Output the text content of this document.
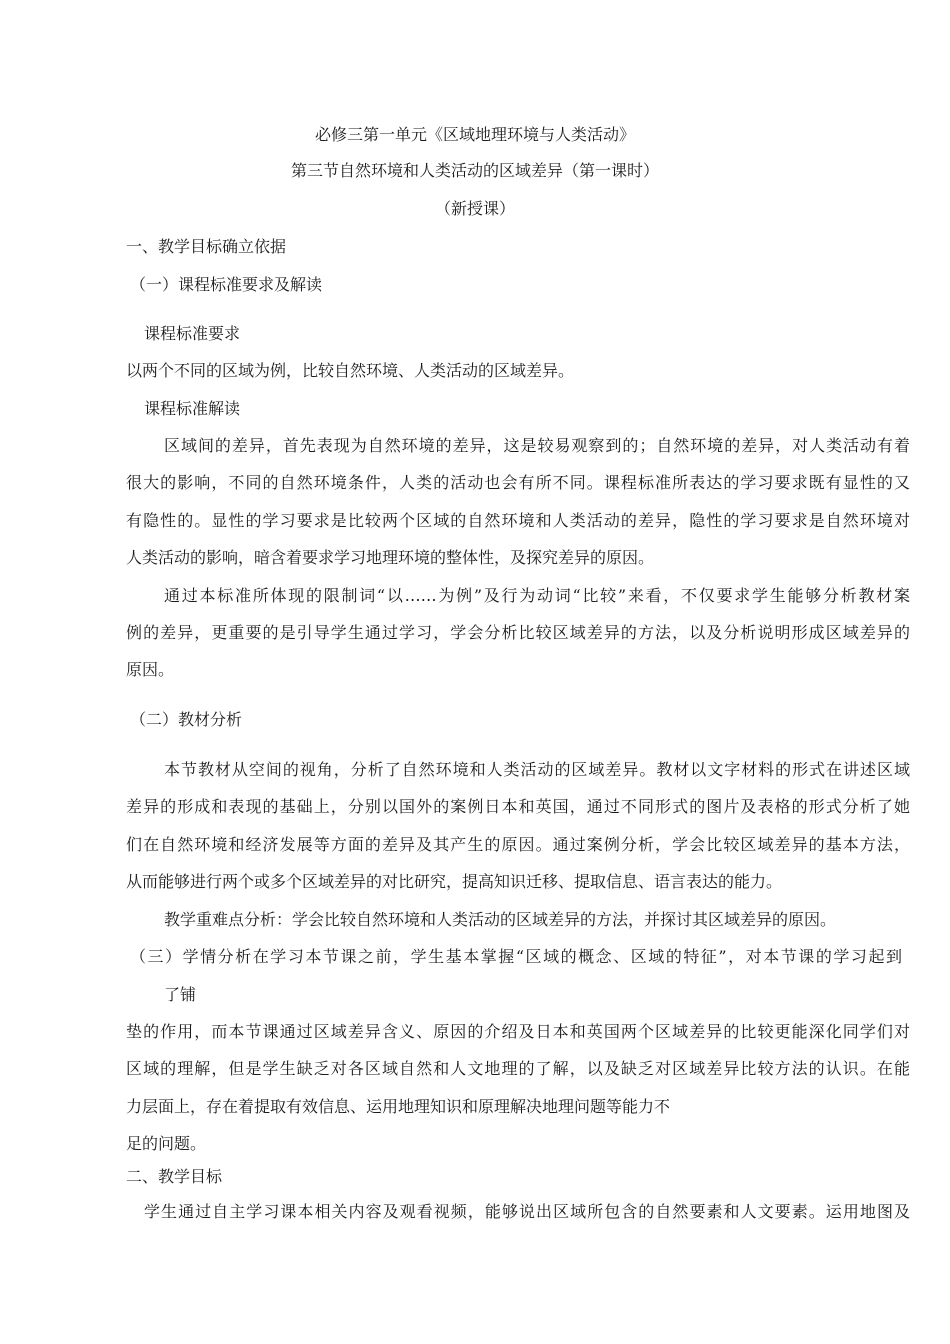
必修三第一单元《区域地理环境与人类活动》
第三节自然环境和人类活动的区域差异（第一课时）
（新授课）
一、教学目标确立依据
（一）课程标准要求及解读
课程标准要求
以两个不同的区域为例，比较自然环境、人类活动的区域差异。
课程标准解读
区域间的差异，首先表现为自然环境的差异，这是较易观察到的；自然环境的差异，对人类活动有着
很大的影响，不同的自然环境条件，人类的活动也会有所不同。课程标准所表达的学习要求既有显性的又
有隐性的。显性的学习要求是比较两个区域的自然环境和人类活动的差异，隐性的学习要求是自然环境对
人类活动的影响，暗含着要求学习地理环境的整体性，及探究差异的原因。
通过本标准所体现的限制词“以……为例”及行为动词“比较”来看，不仅要求学生能够分析教材案
例的差异，更重要的是引导学生通过学习，学会分析比较区域差异的方法，以及分析说明形成区域差异的
原因。
（二）教材分析
本节教材从空间的视角，分析了自然环境和人类活动的区域差异。教材以文字材料的形式在讲述区域
差异的形成和表现的基础上，分别以国外的案例日本和英国，通过不同形式的图片及表格的形式分析了她
们在自然环境和经济发展等方面的差异及其产生的原因。通过案例分析，学会比较区域差异的基本方法，
从而能够进行两个或多个区域差异的对比研究，提高知识迁移、提取信息、语言表达的能力。
教学重难点分析：学会比较自然环境和人类活动的区域差异的方法，并探讨其区域差异的原因。
（三）学情分析在学习本节课之前，学生基本掌握“区域的概念、区域的特征”，对本节课的学习起到
了铺
垫的作用，而本节课通过区域差异含义、原因的介绍及日本和英国两个区域差异的比较更能深化同学们对
区域的理解，但是学生缺乏对各区域自然和人文地理的了解，以及缺乏对区域差异比较方法的认识。在能
力层面上，存在着提取有效信息、运用地理知识和原理解决地理问题等能力不
足的问题。
二、教学目标
学生通过自主学习课本相关内容及观看视频，能够说出区域所包含的自然要素和人文要素。运用地图及
